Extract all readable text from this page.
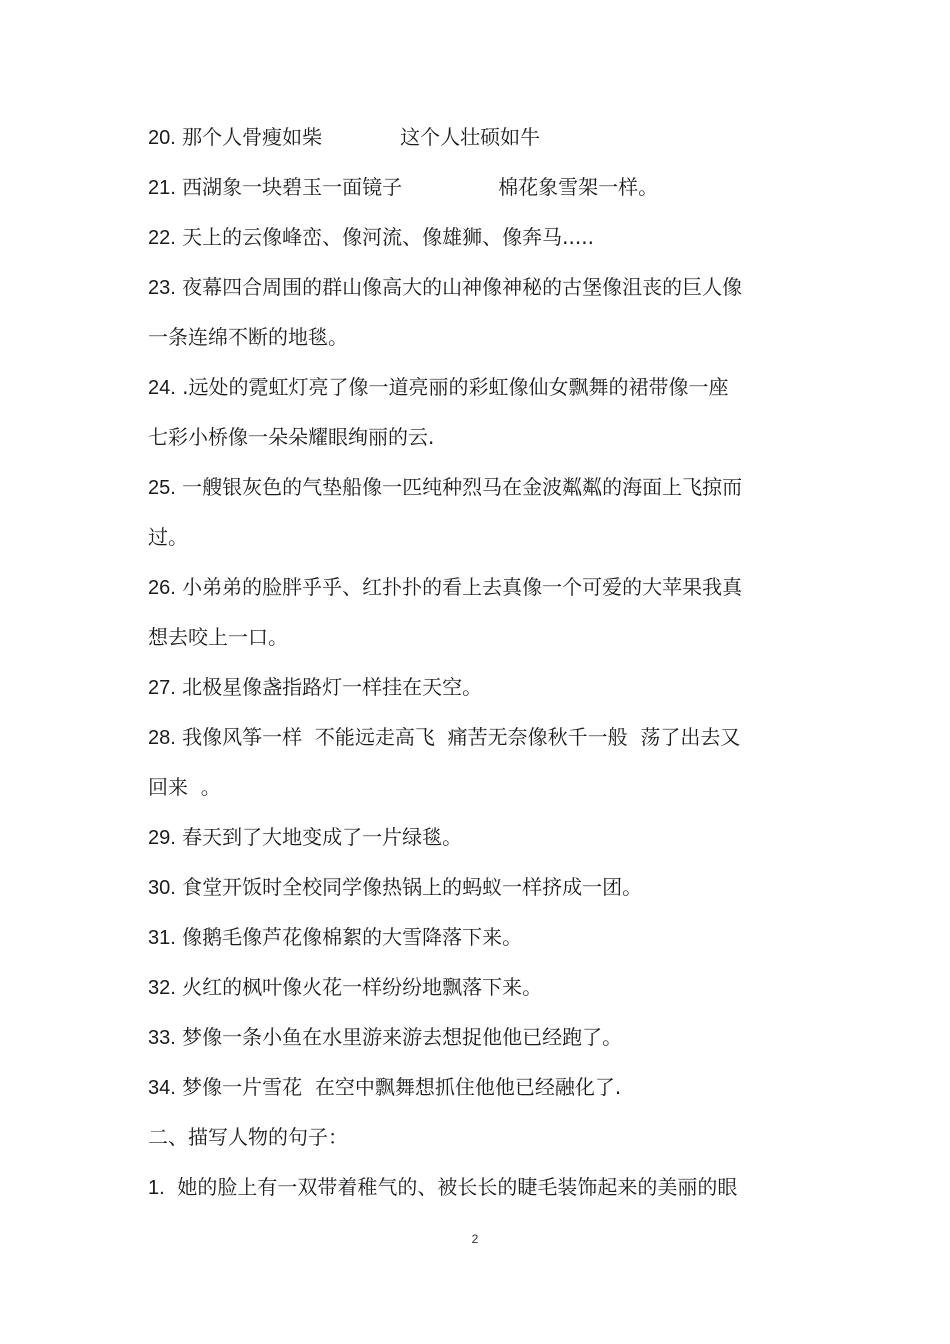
20. 那个人骨瘦如柴	这个人壮硕如牛
21. 西湖象一块碧玉一面镜子	棉花象雪架一样。
22. 天上的云像峰峦、像河流、像雄狮、像奔马.....
23. 夜幕四合周围的群山像高大的山神像神秘的古堡像沮丧的巨人像
一条连绵不断的地毯。
24. .远处的霓虹灯亮了像一道亮丽的彩虹像仙女飘舞的裙带像一座
七彩小桥像一朵朵耀眼绚丽的云.
25. 一艘银灰色的气垫船像一匹纯种烈马在金波粼粼的海面上飞掠而
过。
26. 小弟弟的脸胖乎乎、红扑扑的看上去真像一个可爱的大苹果我真
想去咬上一口。
27. 北极星像盏指路灯一样挂在天空。
28. 我像风筝一样  不能远走高飞  痛苦无奈像秋千一般  荡了出去又
回来  。
29. 春天到了大地变成了一片绿毯。
30. 食堂开饭时全校同学像热锅上的蚂蚁一样挤成一团。
31. 像鹅毛像芦花像棉絮的大雪降落下来。
32. 火红的枫叶像火花一样纷纷地飘落下来。
33. 梦像一条小鱼在水里游来游去想捉他他已经跑了。
34. 梦像一片雪花  在空中飘舞想抓住他他已经融化了.
二、描写人物的句子：
1. 她的脸上有一双带着稚气的、被长长的睫毛装饰起来的美丽的眼
2
